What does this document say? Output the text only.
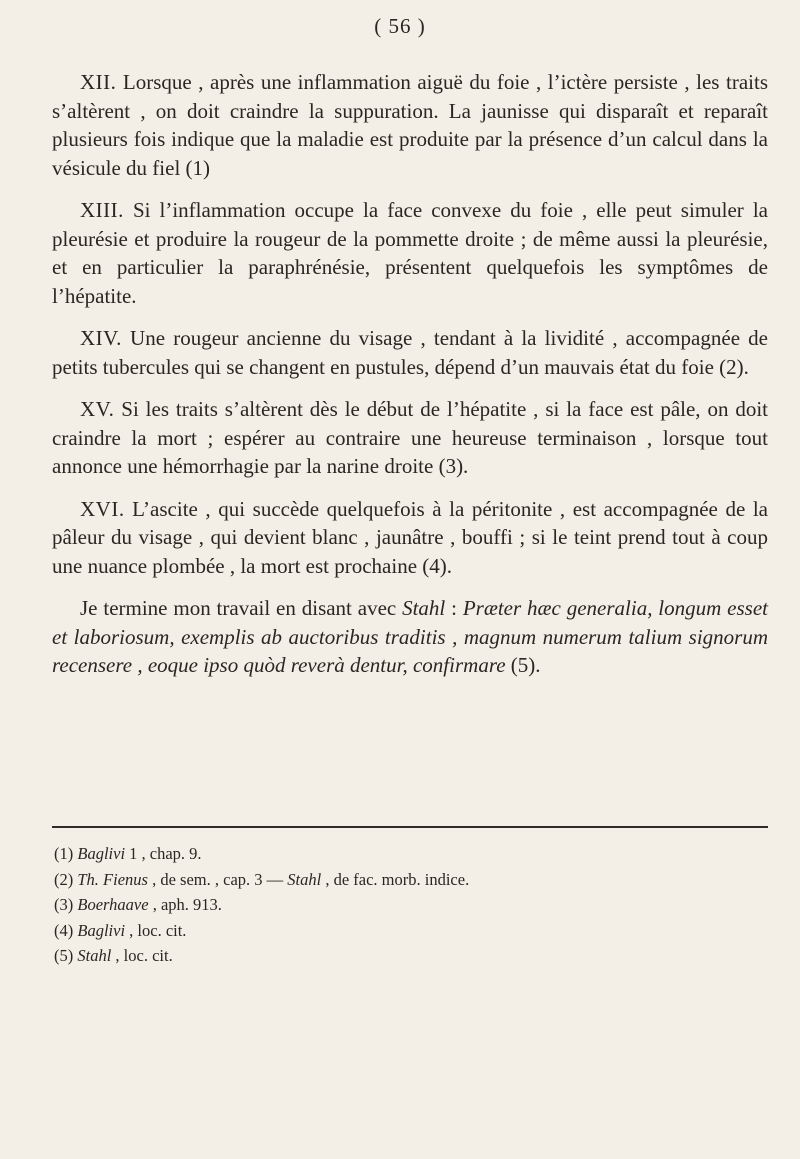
( 56 )

XII. Lorsque , après une inflammation aiguë du foie , l’ictère persiste , les traits s’altèrent , on doit craindre la suppuration. La jaunisse qui disparaît et reparaît plusieurs fois indique que la maladie est produite par la présence d’un calcul dans la vésicule du fiel (1)

XIII. Si l’inflammation occupe la face convexe du foie , elle peut simuler la pleurésie et produire la rougeur de la pommette droite ; de même aussi la pleurésie, et en particulier la paraphrénésie, présentent quelquefois les symptômes de l’hépatite.

XIV. Une rougeur ancienne du visage , tendant à la lividité , accompagnée de petits tubercules qui se changent en pustules, dépend d’un mauvais état du foie (2).

XV. Si les traits s’altèrent dès le début de l’hépatite , si la face est pâle, on doit craindre la mort ; espérer au contraire une heureuse terminaison , lorsque tout annonce une hémorrhagie par la narine droite (3).

XVI. L’ascite , qui succède quelquefois à la péritonite , est accompagnée de la pâleur du visage , qui devient blanc , jaunâtre , bouffi ; si le teint prend tout à coup une nuance plombée , la mort est prochaine (4).

Je termine mon travail en disant avec Stahl : Præter hæc generalia, longum esset et laboriosum, exemplis ab auctoribus traditis , magnum numerum talium signorum recensere , eoque ipso quòd reverà dentur, confirmare (5).

(1) Baglivi 1 , chap. 9.

(2) Th. Fienus , de sem. , cap. 3 — Stahl , de fac. morb. indice.

(3) Boerhaave , aph. 913.

(4) Baglivi , loc. cit.

(5) Stahl , loc. cit.
